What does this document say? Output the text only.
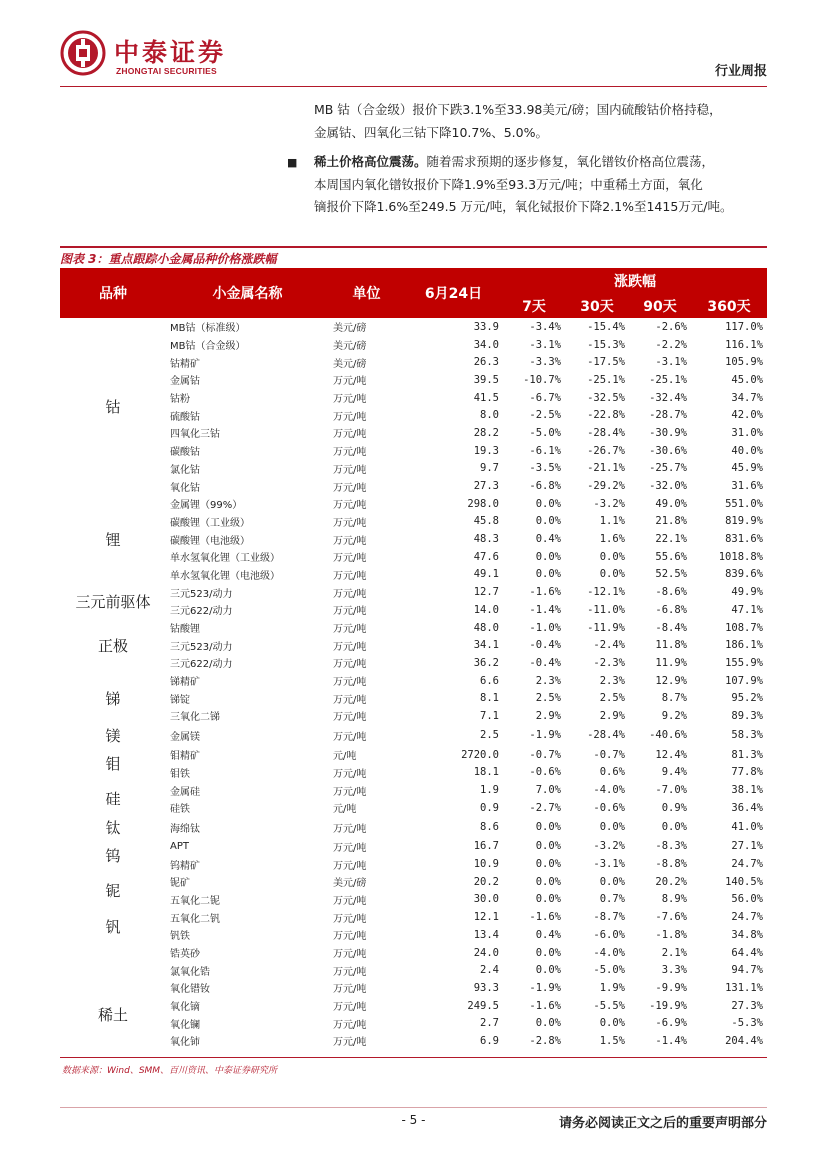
中泰证券
ZHONGTAI SECURITIES	行业周报

MB 钴（合金级）报价下跌3.1%至33.98美元/磅；国内硫酸钴价格持稳，

金属钴、四氧化三钴下降10.7%、5.0%。

■ 稀土价格高位震荡。随着需求预期的逐步修复，氧化镨钕价格高位震荡，

本周国内氧化镨钕报价下降1.9%至93.3万元/吨；中重稀土方面，氧化

镝报价下降1.6%至249.5 万元/吨，氧化铽报价下降2.1%至1415万元/吨。

图表 3：重点跟踪小金属品种价格涨跌幅
品种	小金属名称	单位	6月24日	涨跌幅			
				7天	30天	90天	360天
钴	MB钴（标准级）	美元/磅	33.9	-3.4%	-15.4%	-2.6%	117.0%
	MB钴（合金级）	美元/磅	34.0	-3.1%	-15.3%	-2.2%	116.1%
	钴精矿	美元/磅	26.3	-3.3%	-17.5%	-3.1%	105.9%
	金属钴	万元/吨	39.5	-10.7%	-25.1%	-25.1%	45.0%
	钴粉	万元/吨	41.5	-6.7%	-32.5%	-32.4%	34.7%
	硫酸钴	万元/吨	8.0	-2.5%	-22.8%	-28.7%	42.0%
	四氧化三钴	万元/吨	28.2	-5.0%	-28.4%	-30.9%	31.0%
	碳酸钴	万元/吨	19.3	-6.1%	-26.7%	-30.6%	40.0%
	氯化钴	万元/吨	9.7	-3.5%	-21.1%	-25.7%	45.9%
	氧化钴	万元/吨	27.3	-6.8%	-29.2%	-32.0%	31.6%
锂	金属锂（99%）	万元/吨	298.0	0.0%	-3.2%	49.0%	551.0%
	碳酸锂（工业级）	万元/吨	45.8	0.0%	1.1%	21.8%	819.9%
	碳酸锂（电池级）	万元/吨	48.3	0.4%	1.6%	22.1%	831.6%
	单水氢氧化锂（工业级）	万元/吨	47.6	0.0%	0.0%	55.6%	1018.8%
	单水氢氧化锂（电池级）	万元/吨	49.1	0.0%	0.0%	52.5%	839.6%
三元前驱体	三元523/动力	万元/吨	12.7	-1.6%	-12.1%	-8.6%	49.9%
	三元622/动力	万元/吨	14.0	-1.4%	-11.0%	-6.8%	47.1%
正极	钴酸锂	万元/吨	48.0	-1.0%	-11.9%	-8.4%	108.7%
	三元523/动力	万元/吨	34.1	-0.4%	-2.4%	11.8%	186.1%
	三元622/动力	万元/吨	36.2	-0.4%	-2.3%	11.9%	155.9%
锑	锑精矿	万元/吨	6.6	2.3%	2.3%	12.9%	107.9%
	锑锭	万元/吨	8.1	2.5%	2.5%	8.7%	95.2%
	三氧化二锑	万元/吨	7.1	2.9%	2.9%	9.2%	89.3%
镁	金属镁	万元/吨	2.5	-1.9%	-28.4%	-40.6%	58.3%
钼	钼精矿	元/吨	2720.0	-0.7%	-0.7%	12.4%	81.3%
	钼铁	万元/吨	18.1	-0.6%	0.6%	9.4%	77.8%
硅	金属硅	万元/吨	1.9	7.0%	-4.0%	-7.0%	38.1%
	硅铁	元/吨	0.9	-2.7%	-0.6%	0.9%	36.4%
钛	海绵钛	万元/吨	8.6	0.0%	0.0%	0.0%	41.0%
钨	APT	万元/吨	16.7	0.0%	-3.2%	-8.3%	27.1%
	钨精矿	万元/吨	10.9	0.0%	-3.1%	-8.8%	24.7%
铌	铌矿	美元/磅	20.2	0.0%	0.0%	20.2%	140.5%
	五氧化二铌	万元/吨	30.0	0.0%	0.7%	8.9%	56.0%
钒	五氧化二钒	万元/吨	12.1	-1.6%	-8.7%	-7.6%	24.7%
	钒铁	万元/吨	13.4	0.4%	-6.0%	-1.8%	34.8%
	锆英砂	万元/吨	24.0	0.0%	-4.0%	2.1%	64.4%
	氯氧化锆	万元/吨	2.4	0.0%	-5.0%	3.3%	94.7%
稀土	氧化镨钕	万元/吨	93.3	-1.9%	1.9%	-9.9%	131.1%
	氧化镝	万元/吨	249.5	-1.6%	-5.5%	-19.9%	27.3%
	氧化镧	万元/吨	2.7	0.0%	0.0%	-6.9%	-5.3%
	氧化铈	万元/吨	6.9	-2.8%	1.5%	-1.4%	204.4%
数据来源：Wind、SMM、百川资讯、中泰证券研究所
- 5 -	请务必阅读正文之后的重要声明部分
